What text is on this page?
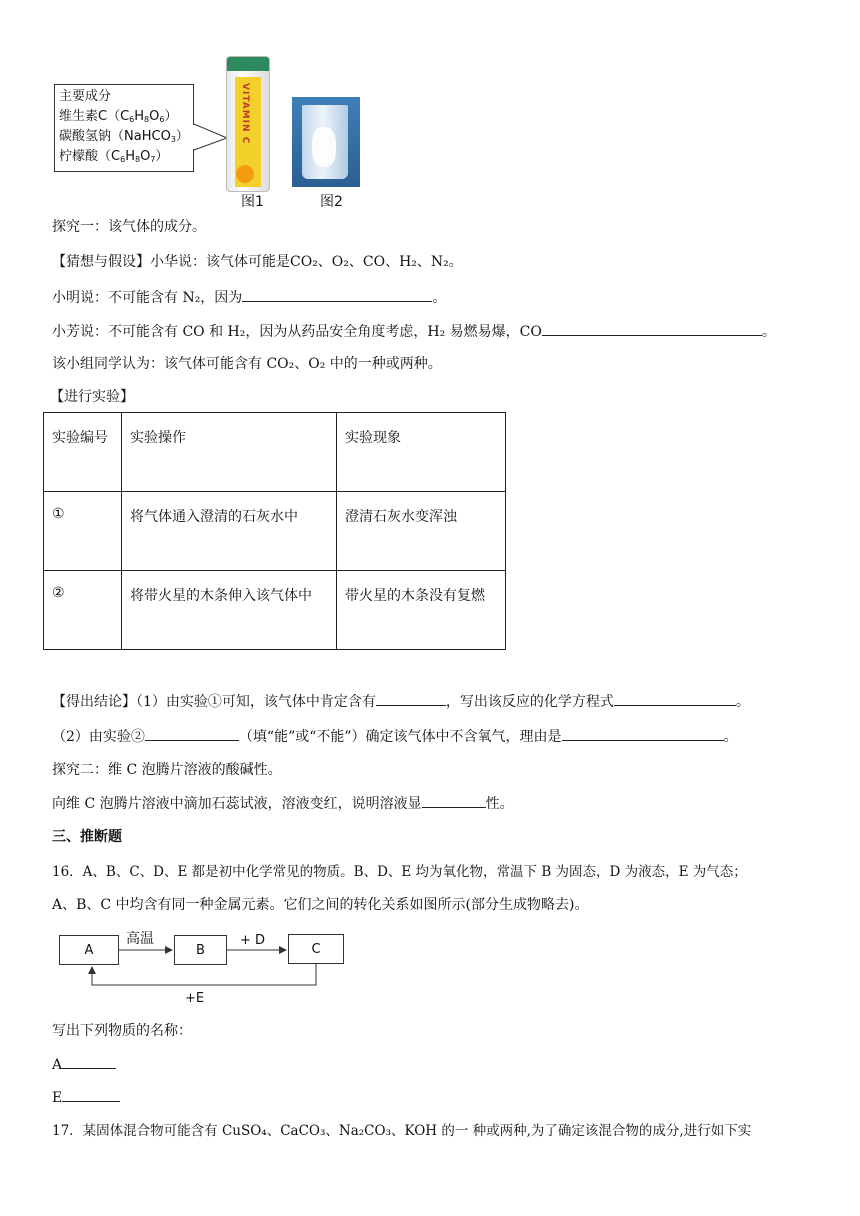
主要成分
维生素$C(C_6H_8O_6)$
碳酸氢钠（NaHCO$_3$）
柠檬酸$(C_6H_8O_7)$
VITAMIN C
图1	图2
探究一：该气体的成分。
【猜想与假设】小华说：该气体可能是CO₂、O₂、CO、H₂、N₂。
小明说：不可能含有 N₂，因为	。
小芳说：不可能含有 CO 和 H₂，因为从药品安全角度考虑，H₂ 易燃易爆，CO	。
该小组同学认为：该气体可能含有 CO₂、O₂ 中的一种或两种。
【进行实验】
实验编号	实验操作	实验现象
①	将气体通入澄清的石灰水中	澄清石灰水变浑浊
②	将带火星的木条伸入该气体中	带火星的木条没有复燃
【得出结论】（1）由实验①可知，该气体中肯定含有	，写出该反应的化学方程式	。
（2）由实验②	（填“能”或“不能”）确定该气体中不含氧气，理由是	。
探究二：维 C 泡腾片溶液的酸碱性。
向维 C 泡腾片溶液中滴加石蕊试液，溶液变红，说明溶液显	性。
三、推断题
16．A、B、C、D、E 都是初中化学常见的物质。B、D、E 均为氧化物，常温下 B 为固态，D 为液态，E 为气态；
A、B、C 中均含有同一种金属元素。它们之间的转化关系如图所示(部分生成物略去)。
A	B	C
高温	+ D
+E
写出下列物质的名称：
A
E
17．某固体混合物可能含有 CuSO₄、CaCO₃、Na₂CO₃、KOH 的一 种或两种,为了确定该混合物的成分,进行如下实
